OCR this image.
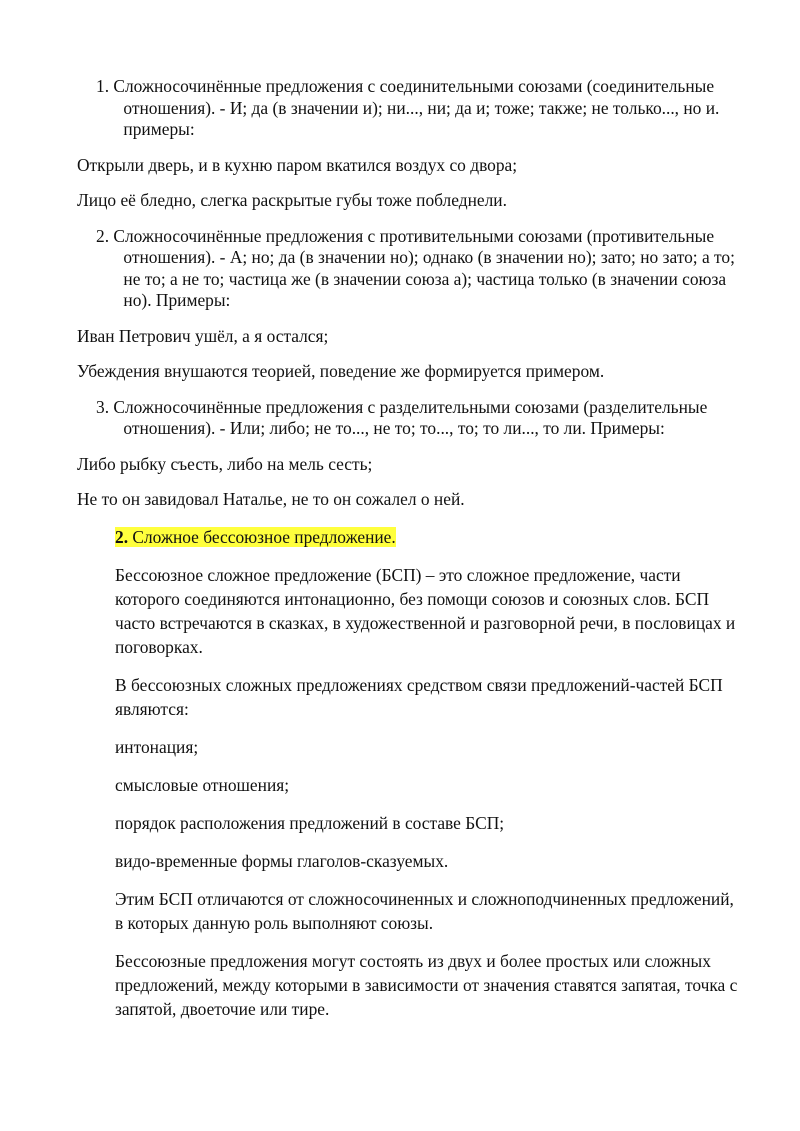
1.
Сложносочинённые предложения с соединительными союзами (соединительные отношения). - И; да (в значении и); ни..., ни; да и; тоже; также; не только..., но и. примеры:

Открыли дверь, и в кухню паром вкатился воздух со двора;

Лицо её бледно, слегка раскрытые губы тоже побледнели.

2.
Сложносочинённые предложения с противительными союзами (противительные отношения). - А; но; да (в значении но); однако (в значении но); зато; но зато; а то; не то; а не то; частица же (в значении союза а); частица только (в значении союза но). Примеры:

Иван Петрович ушёл, а я остался;

Убеждения внушаются теорией, поведение же формируется примером.

3.
Сложносочинённые предложения с разделительными союзами (разделительные отношения). - Или; либо; не то..., не то; то..., то; то ли..., то ли. Примеры:

Либо рыбку съесть, либо на мель сесть;

Не то он завидовал Наталье, не то он сожалел о ней.

2. Сложное бессоюзное предложение.

Бессоюзное сложное предложение (БСП) – это сложное предложение, части которого соединяются интонационно, без помощи союзов и союзных слов. БСП часто встречаются в сказках, в художественной и разговорной речи, в пословицах и поговорках.

В бессоюзных сложных предложениях средством связи предложений-частей БСП являются:

интонация;

смысловые отношения;

порядок расположения предложений в составе БСП;

видо-временные формы глаголов-сказуемых.

Этим БСП отличаются от сложносочиненных и сложноподчиненных предложений, в которых данную роль выполняют союзы.

Бессоюзные предложения могут состоять из двух и более простых или сложных предложений, между которыми в зависимости от значения ставятся запятая, точка с запятой, двоеточие или тире.
